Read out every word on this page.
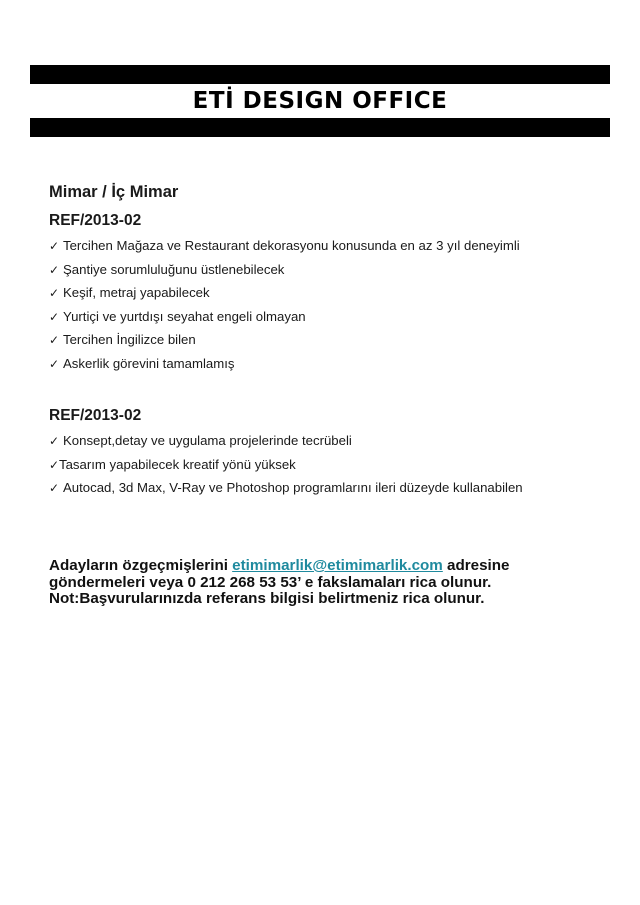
ETİ DESIGN OFFICE
Mimar / İç Mimar
REF/2013-02
✓ Tercihen Mağaza ve Restaurant dekorasyonu konusunda en az 3 yıl deneyimli
✓ Şantiye sorumluluğunu üstlenebilecek
✓ Keşif, metraj yapabilecek
✓ Yurtiçi ve yurtdışı seyahat engeli olmayan
✓ Tercihen İngilizce bilen
✓ Askerlik görevini tamamlamış
REF/2013-02
✓ Konsept,detay ve uygulama projelerinde tecrübeli
✓Tasarım yapabilecek kreatif yönü yüksek
✓ Autocad, 3d Max, V-Ray ve Photoshop programlarını ileri düzeyde kullanabilen
Adayların özgeçmişlerini etimimarlik@etimimarlik.com adresine
göndermeleri veya 0 212 268 53 53’ e fakslamaları rica olunur.
Not:Başvurularınızda referans bilgisi belirtmeniz rica olunur.
